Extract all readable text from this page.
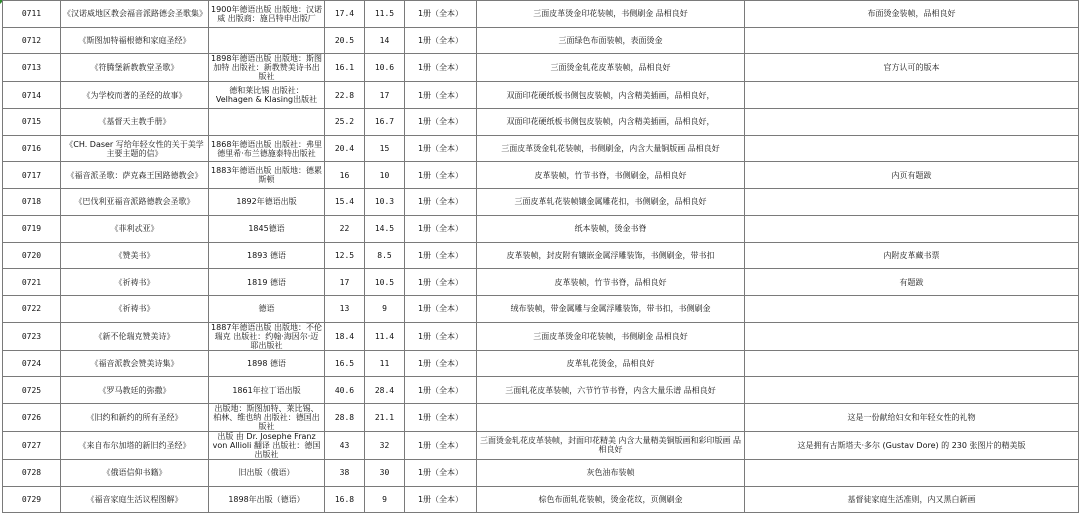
0711	《汉诺威地区教会福音派路德会圣歌集》	1900年德语出版 出版地：汉诺威 出版商：施吕特申出版厂	17.4	11.5	1册（全本）	三面皮革烫金印花装帧，书侧刷金 品相良好	布面烫金装帧，品相良好
0712	《斯图加特福根德和家庭圣经》		20.5	14	1册（全本）	三面绿色布面装帧，表面烫金	
0713	《符腾堡新教教堂圣歌》	1898年德语出版 出版地：斯图加特 出版社：新教赞美诗书出版社	16.1	10.6	1册（全本）	三面烫金轧花皮革装帧，品相良好	官方认可的版本
0714	《为学校而著的圣经的故事》	德和莱比锡 出版社：Velhagen & Klasing出版社	22.8	17	1册（全本）	双面印花硬纸板书侧包皮装帧，内含精美插画，品相良好，	
0715	《基督天主教手册》		25.2	16.7	1册（全本）	双面印花硬纸板书侧包皮装帧，内含精美插画，品相良好，	
0716	《CH. Daser 写给年轻女性的关于美学主要主题的信》	1868年德语出版 出版社：弗里德里希·布兰德施泰特出版社	20.4	15	1册（全本）	三面皮革烫金轧花装帧，书侧刷金，内含大量铜版画 品相良好	
0717	《福音派圣歌：萨克森王国路德教会》	1883年德语出版 出版地：德累斯顿	16	10	1册（全本）	皮革装帧，竹节书脊，书侧刷金，品相良好	内页有题跋
0718	《巴伐利亚福音派路德教会圣歌》	1892年德语出版	15.4	10.3	1册（全本）	三面皮革轧花装帧镶金属雕花扣，书侧刷金，品相良好	
0719	《菲利忒亚》	1845德语	22	14.5	1册（全本）	纸本装帧，烫金书脊	
0720	《赞美书》	1893 德语	12.5	8.5	1册（全本）	皮革装帧，封皮附有镶嵌金属浮雕装饰，书侧刷金，带书扣	内附皮革藏书票
0721	《祈祷书》	1819 德语	17	10.5	1册（全本）	皮革装帧，竹节书脊，品相良好	有题跋
0722	《祈祷书》	德语	13	9	1册（全本）	绒布装帧，带金属雕与金属浮雕装饰，带书扣，书侧刷金	
0723	《新不伦瑞克赞美诗》	1887年德语出版 出版地：不伦瑞克 出版社：约翰·海因尔·迈耶出版社	18.4	11.4	1册（全本）	三面皮革烫金印花装帧，书侧刷金 品相良好	
0724	《福音派教会赞美诗集》	1898 德语	16.5	11	1册（全本）	皮革轧花烫金，品相良好	
0725	《罗马教廷的弥撒》	1861年拉丁语出版	40.6	28.4	1册（全本）	三面轧花皮革装帧，六节竹节书脊，内含大量乐谱 品相良好	
0726	《旧约和新约的所有圣经》	出版地：斯图加特、莱比锡、柏林、维也纳 出版社：德国出版社	28.8	21.1	1册（全本）		这是一份献给妇女和年轻女性的礼物
0727	《来自布尔加塔的新旧约圣经》	出版 由 Dr. Josephe Franz von Allioli 翻译 出版社：德国出版社	43	32	1册（全本）	三面烫金轧花皮革装帧，封面印花精美 内含大量精美铜版画和彩印版画 品相良好	这是拥有古斯塔夫·多尔 (Gustav Dore) 的 230 张图片的精美版
0728	《俄语信仰书籍》	旧出版（俄语）	38	30	1册（全本）	灰色油布装帧	
0729	《福音家庭生活议程图解》	1898年出版（德语）	16.8	9	1册（全本）	棕色布面轧花装帧，烫金花纹，页侧刷金	基督徒家庭生活准则，内又黑白新画
